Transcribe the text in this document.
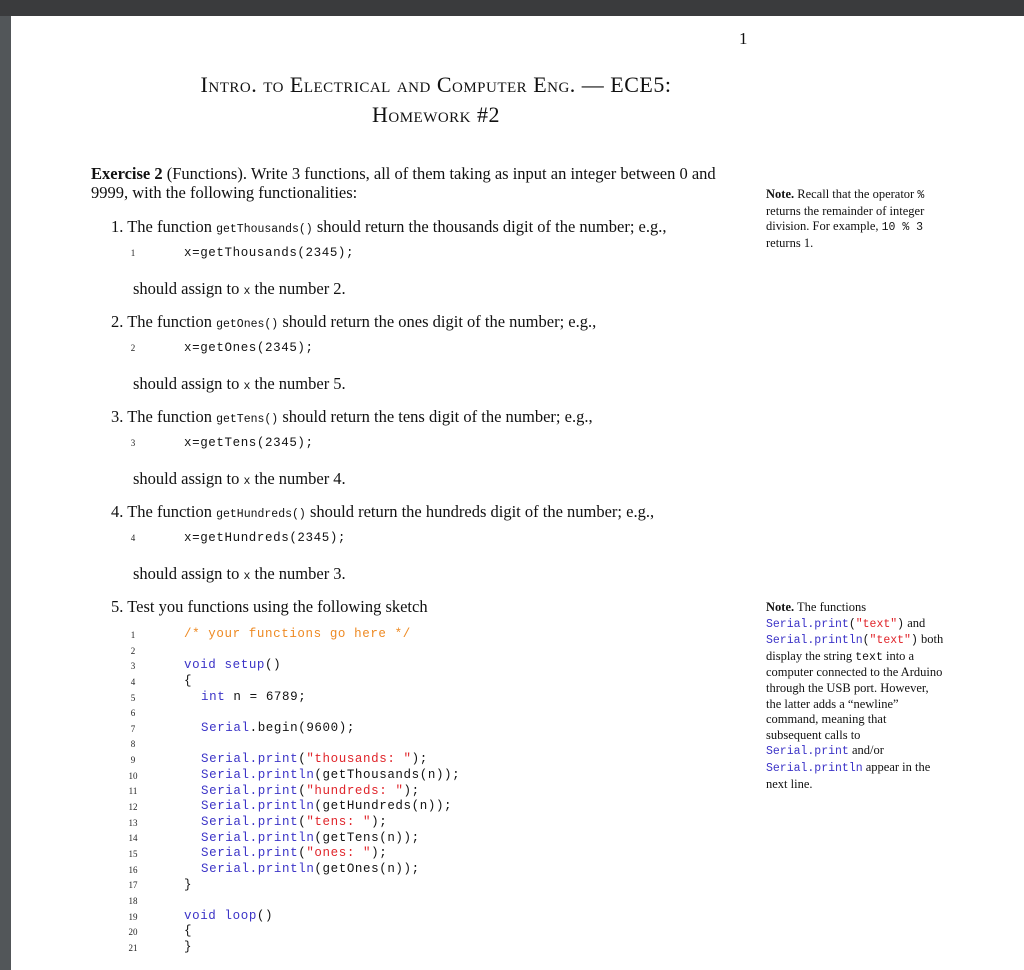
1
Intro. to Electrical and Computer Eng. — ECE5:
Homework #2
Exercise 2 (Functions). Write 3 functions, all of them taking as input an integer between 0 and
9999, with the following functionalities:
1. The function getThousands() should return the thousands digit of the number; e.g.,
1	x=getThousands(2345);
should assign to x the number 2.
2. The function getOnes() should return the ones digit of the number; e.g.,
2	x=getOnes(2345);
should assign to x the number 5.
3. The function getTens() should return the tens digit of the number; e.g.,
3	x=getTens(2345);
should assign to x the number 4.
4. The function getHundreds() should return the hundreds digit of the number; e.g.,
4	x=getHundreds(2345);
should assign to x the number 3.
5. Test you functions using the following sketch
1
2
3
4
5
6
7
8
9
10
11
12
13
14
15
16
17
18
19
20
21
/* your functions go here */

void setup()
{
int n = 6789;

Serial.begin(9600);

Serial.print("thousands: ");
Serial.println(getThousands(n));
Serial.print("hundreds: ");
Serial.println(getHundreds(n));
Serial.print("tens: ");
Serial.println(getTens(n));
Serial.print("ones: ");
Serial.println(getOnes(n));
}

void loop()
{
}
Note. Recall that the operator % returns the remainder of integer division. For example, 10 % 3 returns 1.
Note. The functions Serial.print("text") and Serial.println("text") both display the string text into a computer connected to the Arduino through the USB port. However, the latter adds a “newline” command, meaning that subsequent calls to Serial.print and/or Serial.println appear in the next line.
